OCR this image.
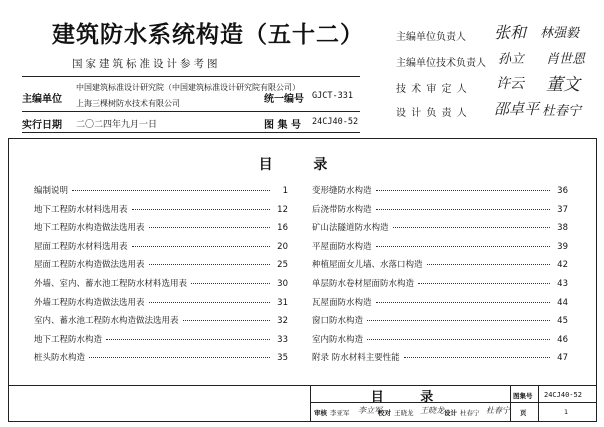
建筑防水系统构造（五十二）
国家建筑标准设计参考图
主编单位
中国建筑标准设计研究院（中国建筑标准设计研究院有限公司）
上海三棵树防水技术有限公司	统一编号 GJCT-331
实行日期 二〇二四年九月一日	图 集 号 24CJ40-52
主编单位负责人 张和 林强毅
主编单位技术负责人 孙立 肖世恩
技 术 审 定 人 许云 董文
设 计 负 责 人 邵卓平 杜春宁
目 录
编制说明	1
地下工程防水材料选用表	12
地下工程防水构造做法选用表	16
屋面工程防水材料选用表	20
屋面工程防水构造做法选用表	25
外墙、室内、蓄水池工程防水材料选用表	30
外墙工程防水构造做法选用表	31
室内、蓄水池工程防水构造做法选用表	32
地下工程防水构造	33
桩头防水构造	35
变形缝防水构造	36
后浇带防水构造	37
矿山法隧道防水构造	38
平屋面防水构造	39
种植屋面女儿墙、水落口构造	42
单层防水卷材屋面防水构造	43
瓦屋面防水构造	44
窗口防水构造	45
室内防水构造	46
附录 防水材料主要性能	47
目 录	图集号 24CJ40-52
审核 李亚军 李立军
校对 王晓龙 王晓龙 设计 杜春宁 杜春宁 页	1
